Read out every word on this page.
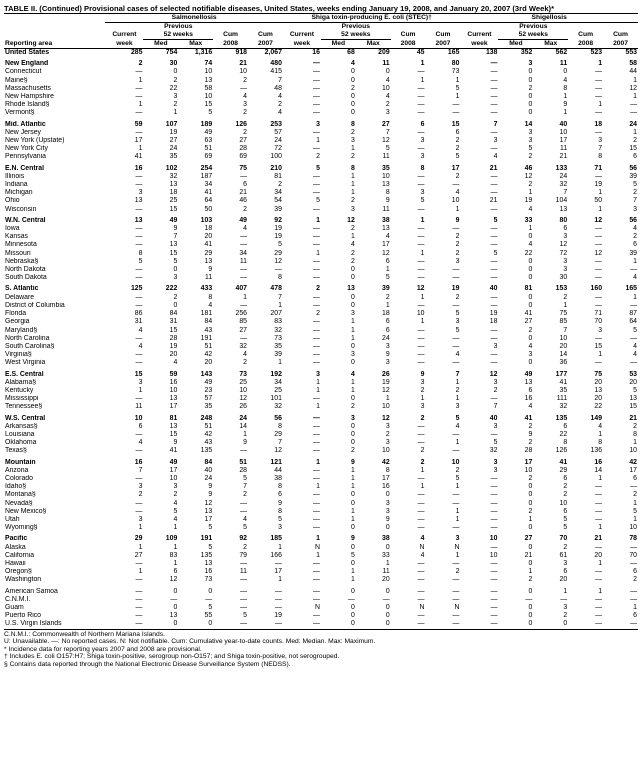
TABLE II. (Continued) Provisional cases of selected notifiable diseases, United States, weeks ending January 19, 2008, and January 20, 2007 (3rd Week)*
	Salmonellosis					Shiga toxin-producing E. coli (STEC)†					Shigellosis				
		Previous					Previous					Previous			
	Current	52 weeks		Cum	Cum	Current	52 weeks		Cum	Cum	Current	52 weeks		Cum	Cum
Reporting area	week	Med	Max	2008	2007	week	Med	Max	2008	2007	week	Med	Max	2008	2007
United States	285	754	1,316	918	2,067	16	68	209	45	165	138	352	562	523	553

New England	2	30	74	21	480	—	4	11	1	80	—	3	11	1	58
Connecticut	—	0	10	10	415	—	0	0	—	73	—	0	0	—	44
Maine§	1	2	13	2	7	—	0	4	1	1	—	0	4	—	1
Massachusetts	—	22	58	—	48	—	2	10	—	5	—	2	8	—	12
New Hampshire	—	3	10	4	4	—	0	4	—	1	—	0	1	—	1
Rhode Island§	1	2	15	3	2	—	0	2	—	—	—	0	9	1	—
Vermont§	—	1	5	2	4	—	0	3	—	—	—	0	1	—	—

Mid. Atlantic	59	107	189	126	253	3	8	27	6	15	7	14	40	18	24
New Jersey	—	19	49	2	57	—	2	7	—	6	—	3	10	—	1
New York (Upstate)	17	27	63	27	24	1	3	12	3	2	3	3	17	3	2
New York City	1	24	51	28	72	—	1	5	—	2	—	5	11	7	15
Pennsylvania	41	35	69	69	100	2	2	11	3	5	4	2	21	8	6

E.N. Central	16	102	254	75	210	5	8	35	8	17	21	46	133	71	56
Illinois	—	32	187	—	81	—	1	10	—	2	—	12	24	—	39
Indiana	—	13	34	6	2	—	1	13	—	—	—	2	32	19	5
Michigan	3	18	41	21	34	—	1	8	3	4	—	1	7	1	2
Ohio	13	25	64	46	54	5	2	9	5	10	21	19	104	50	7
Wisconsin	—	15	50	2	39	—	3	11	—	1	—	4	13	1	3

W.N. Central	13	49	103	49	92	1	12	38	1	9	5	33	80	12	56
Iowa	—	9	18	4	19	—	2	13	—	—	—	1	6	—	4
Kansas	—	7	20	—	19	—	1	4	—	2	—	0	3	—	2
Minnesota	—	13	41	—	5	—	4	17	—	2	—	4	12	—	6
Missouri	8	15	29	34	29	1	2	12	1	2	5	22	72	12	39
Nebraska§	5	5	13	11	12	—	2	6	—	3	—	0	3	—	1
North Dakota	—	0	9	—	—	—	0	1	—	—	—	0	3	—	—
South Dakota	—	3	11	—	8	—	0	5	—	—	—	0	30	—	4

S. Atlantic	125	222	433	407	478	2	13	39	12	19	40	81	153	160	165
Delaware	—	2	8	1	7	—	0	2	1	2	—	0	2	—	1
District of Columbia	—	0	4	—	1	—	0	1	—	—	—	0	1	—	—
Florida	86	84	181	256	207	2	3	18	10	5	19	41	75	71	87
Georgia	31	31	84	85	83	—	1	6	1	3	18	27	85	70	64
Maryland§	4	15	43	27	32	—	1	6	—	5	—	2	7	3	5
North Carolina	—	28	191	—	73	—	1	24	—	—	—	0	10	—	—
South Carolina§	4	19	51	32	35	—	0	3	—	—	3	4	20	15	4
Virginia§	—	20	42	4	39	—	3	9	—	4	—	3	14	1	4
West Virginia	—	4	20	2	1	—	0	3	—	—	—	0	36	—	—

E.S. Central	15	59	143	73	192	3	4	26	9	7	12	49	177	75	53
Alabama§	3	16	49	25	34	1	1	19	3	1	3	13	41	20	20
Kentucky	1	10	23	10	25	1	1	12	2	2	2	6	35	13	5
Mississippi	—	13	57	12	101	—	0	1	1	1	—	16	111	20	13
Tennessee§	11	17	35	26	32	1	2	10	3	3	7	4	32	22	15

W.S. Central	10	81	248	24	56	—	3	12	2	5	40	41	135	149	21
Arkansas§	6	13	51	14	8	—	0	3	—	4	3	2	6	4	2
Louisiana	—	15	42	1	29	—	0	2	—	—	—	9	22	1	8
Oklahoma	4	9	43	9	7	—	0	3	—	1	5	2	8	8	1
Texas§	—	41	135	—	12	—	2	10	2	—	32	28	126	136	10

Mountain	16	49	84	51	121	1	9	42	2	10	3	17	41	16	42
Arizona	7	17	40	28	44	—	1	8	1	2	3	10	29	14	17
Colorado	—	10	24	5	38	—	1	17	—	5	—	2	6	1	6
Idaho§	3	3	9	7	8	1	1	16	1	1	—	0	2	—	—
Montana§	2	2	9	2	6	—	0	0	—	—	—	0	2	—	2
Nevada§	—	4	12	—	9	—	0	3	—	—	—	0	10	—	1
New Mexico§	—	5	13	—	8	—	1	3	—	1	—	2	6	—	5
Utah	3	4	17	4	5	—	1	9	—	1	—	1	5	—	1
Wyoming§	1	1	5	5	3	—	0	0	—	—	—	0	5	1	10

Pacific	29	109	191	92	185	1	9	38	4	3	10	27	70	21	78
Alaska	1	1	5	2	1	N	0	0	N	N	—	0	2	—	—
California	27	83	135	79	166	1	5	33	4	1	10	21	61	20	70
Hawaii	—	1	13	—	—	—	0	1	—	—	—	0	3	1	—
Oregon§	1	6	16	11	17	—	1	11	—	2	—	1	6	—	6
Washington	—	12	73	—	1	—	1	20	—	—	—	2	20	—	2

American Samoa	—	0	0	—	—	—	0	0	—	—	—	0	1	1	—
C.N.M.I.	—	—	—	—	—	—	—	—	—	—	—	—	—	—	—
Guam	—	0	5	—	—	N	0	0	N	N	—	0	3	—	1
Puerto Rico	—	13	55	5	19	—	0	0	—	—	—	0	2	—	6
U.S. Virgin Islands	—	0	0	—	—	—	0	0	—	—	—	0	0	—	—
C.N.M.I.: Commonwealth of Northern Mariana Islands.
U: Unavailable. —: No reported cases. N: Not notifiable. Cum: Cumulative year-to-date counts. Med: Median. Max: Maximum.
* Incidence data for reporting years 2007 and 2008 are provisional.
† Includes E. coli O157:H7; Shiga toxin-positive, serogroup non-O157; and Shiga toxin-positive, not serogrouped.
§ Contains data reported through the National Electronic Disease Surveillance System (NEDSS).
